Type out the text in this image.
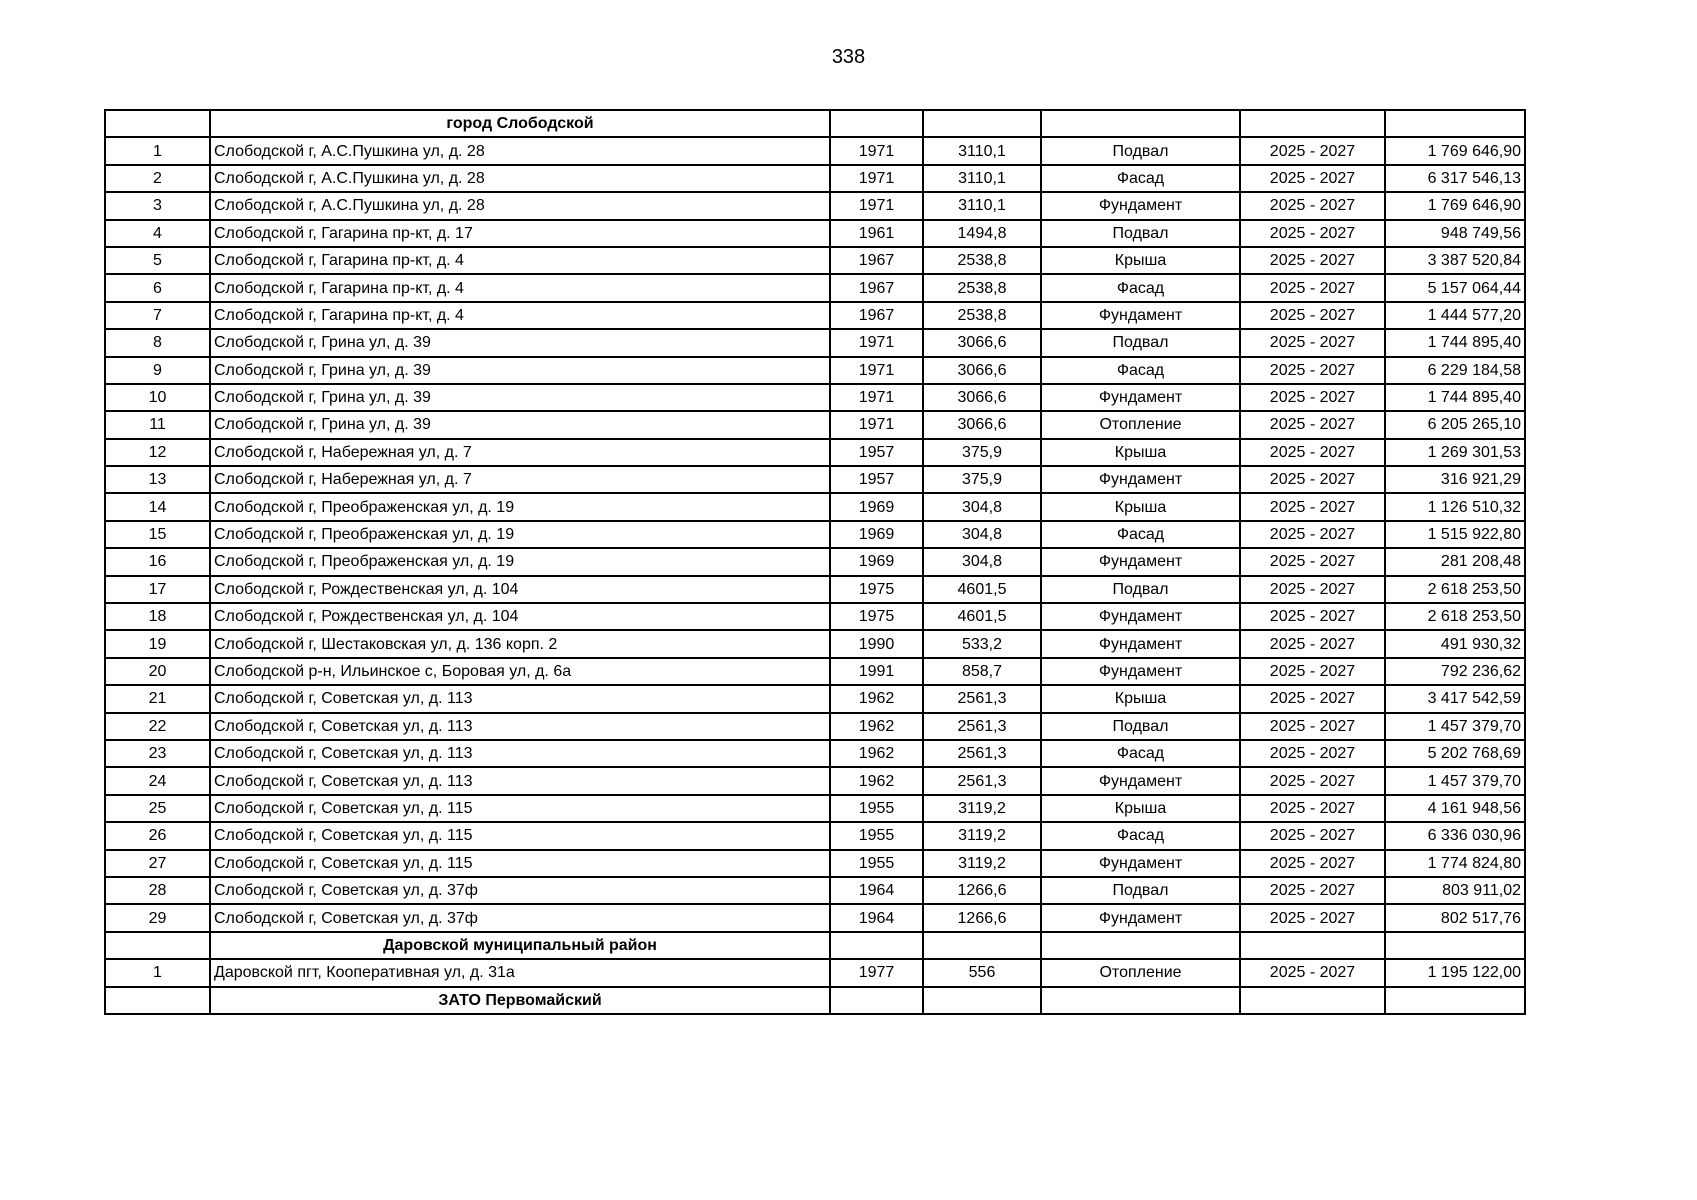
338
	город Слободской					
1	Слободской г, А.С.Пушкина ул, д. 28	1971	3110,1	Подвал	2025 - 2027	1 769 646,90
2	Слободской г, А.С.Пушкина ул, д. 28	1971	3110,1	Фасад	2025 - 2027	6 317 546,13
3	Слободской г, А.С.Пушкина ул, д. 28	1971	3110,1	Фундамент	2025 - 2027	1 769 646,90
4	Слободской г, Гагарина пр-кт, д. 17	1961	1494,8	Подвал	2025 - 2027	948 749,56
5	Слободской г, Гагарина пр-кт, д. 4	1967	2538,8	Крыша	2025 - 2027	3 387 520,84
6	Слободской г, Гагарина пр-кт, д. 4	1967	2538,8	Фасад	2025 - 2027	5 157 064,44
7	Слободской г, Гагарина пр-кт, д. 4	1967	2538,8	Фундамент	2025 - 2027	1 444 577,20
8	Слободской г, Грина ул, д. 39	1971	3066,6	Подвал	2025 - 2027	1 744 895,40
9	Слободской г, Грина ул, д. 39	1971	3066,6	Фасад	2025 - 2027	6 229 184,58
10	Слободской г, Грина ул, д. 39	1971	3066,6	Фундамент	2025 - 2027	1 744 895,40
11	Слободской г, Грина ул, д. 39	1971	3066,6	Отопление	2025 - 2027	6 205 265,10
12	Слободской г, Набережная ул, д. 7	1957	375,9	Крыша	2025 - 2027	1 269 301,53
13	Слободской г, Набережная ул, д. 7	1957	375,9	Фундамент	2025 - 2027	316 921,29
14	Слободской г, Преображенская ул, д. 19	1969	304,8	Крыша	2025 - 2027	1 126 510,32
15	Слободской г, Преображенская ул, д. 19	1969	304,8	Фасад	2025 - 2027	1 515 922,80
16	Слободской г, Преображенская ул, д. 19	1969	304,8	Фундамент	2025 - 2027	281 208,48
17	Слободской г, Рождественская ул, д. 104	1975	4601,5	Подвал	2025 - 2027	2 618 253,50
18	Слободской г, Рождественская ул, д. 104	1975	4601,5	Фундамент	2025 - 2027	2 618 253,50
19	Слободской г, Шестаковская ул, д. 136 корп. 2	1990	533,2	Фундамент	2025 - 2027	491 930,32
20	Слободской р-н, Ильинское с, Боровая ул, д. 6а	1991	858,7	Фундамент	2025 - 2027	792 236,62
21	Слободской г, Советская ул, д. 113	1962	2561,3	Крыша	2025 - 2027	3 417 542,59
22	Слободской г, Советская ул, д. 113	1962	2561,3	Подвал	2025 - 2027	1 457 379,70
23	Слободской г, Советская ул, д. 113	1962	2561,3	Фасад	2025 - 2027	5 202 768,69
24	Слободской г, Советская ул, д. 113	1962	2561,3	Фундамент	2025 - 2027	1 457 379,70
25	Слободской г, Советская ул, д. 115	1955	3119,2	Крыша	2025 - 2027	4 161 948,56
26	Слободской г, Советская ул, д. 115	1955	3119,2	Фасад	2025 - 2027	6 336 030,96
27	Слободской г, Советская ул, д. 115	1955	3119,2	Фундамент	2025 - 2027	1 774 824,80
28	Слободской г, Советская ул, д. 37ф	1964	1266,6	Подвал	2025 - 2027	803 911,02
29	Слободской г, Советская ул, д. 37ф	1964	1266,6	Фундамент	2025 - 2027	802 517,76
	Даровской муниципальный район					
1	Даровской пгт, Кооперативная ул, д. 31а	1977	556	Отопление	2025 - 2027	1 195 122,00
	ЗАТО Первомайский					
